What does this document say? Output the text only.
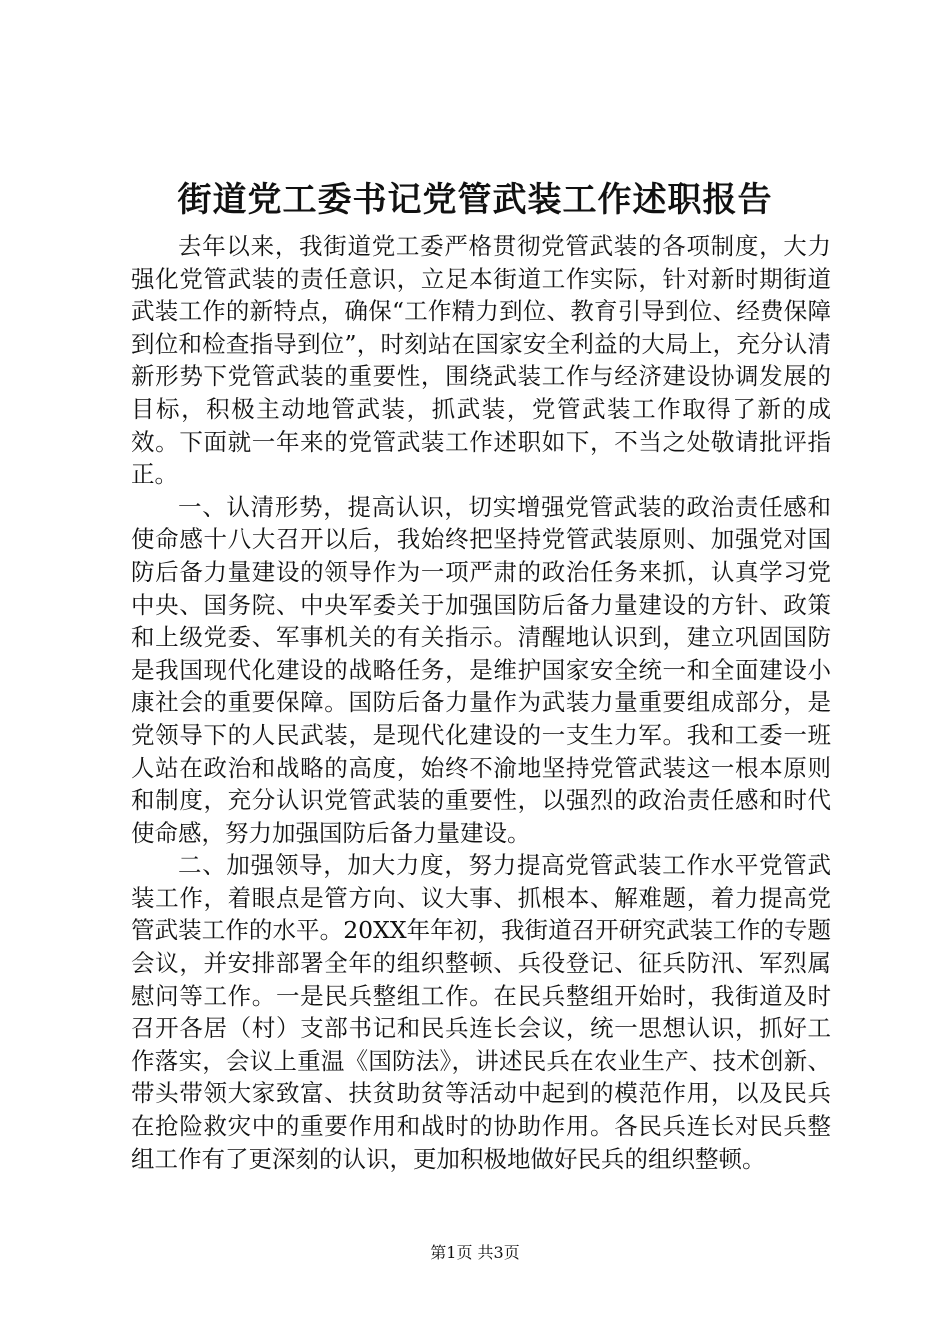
街道党工委书记党管武装工作述职报告

去年以来，我街道党工委严格贯彻党管武装的各项制度，大力强化党管武装的责任意识，立足本街道工作实际，针对新时期街道武装工作的新特点，确保“工作精力到位、教育引导到位、经费保障到位和检查指导到位”，时刻站在国家安全利益的大局上，充分认清新形势下党管武装的重要性，围绕武装工作与经济建设协调发展的目标，积极主动地管武装，抓武装，党管武装工作取得了新的成效。下面就一年来的党管武装工作述职如下，不当之处敬请批评指正。

一、认清形势，提高认识，切实增强党管武装的政治责任感和使命感十八大召开以后，我始终把坚持党管武装原则、加强党对国防后备力量建设的领导作为一项严肃的政治任务来抓，认真学习党中央、国务院、中央军委关于加强国防后备力量建设的方针、政策和上级党委、军事机关的有关指示。清醒地认识到，建立巩固国防是我国现代化建设的战略任务，是维护国家安全统一和全面建设小康社会的重要保障。国防后备力量作为武装力量重要组成部分，是党领导下的人民武装，是现代化建设的一支生力军。我和工委一班人站在政治和战略的高度，始终不渝地坚持党管武装这一根本原则和制度，充分认识党管武装的重要性，以强烈的政治责任感和时代使命感，努力加强国防后备力量建设。

二、加强领导，加大力度，努力提高党管武装工作水平党管武装工作，着眼点是管方向、议大事、抓根本、解难题，着力提高党管武装工作的水平。20XX年年初，我街道召开研究武装工作的专题会议，并安排部署全年的组织整顿、兵役登记、征兵防汛、军烈属慰问等工作。一是民兵整组工作。在民兵整组开始时，我街道及时召开各居（村）支部书记和民兵连长会议，统一思想认识，抓好工作落实，会议上重温《国防法》，讲述民兵在农业生产、技术创新、带头带领大家致富、扶贫助贫等活动中起到的模范作用，以及民兵在抢险救灾中的重要作用和战时的协助作用。各民兵连长对民兵整组工作有了更深刻的认识，更加积极地做好民兵的组织整顿。

第1页 共3页
